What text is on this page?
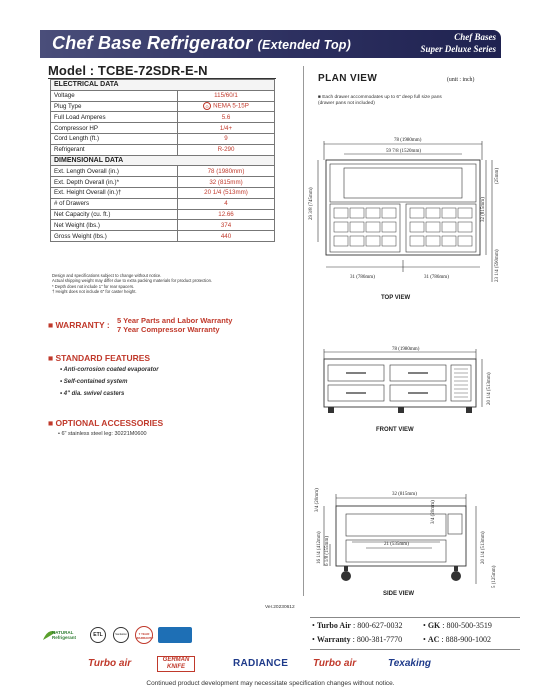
Chef Base Refrigerator (Extended Top)
Chef Bases
Super Deluxe Series
Model : TCBE-72SDR-E-N
ELECTRICAL DATA	
Voltage	115/60/1
Plug Type	⊙ NEMA 5-15P
Full Load Amperes	5.6
Compressor HP	1/4+
Cord Length (ft.)	9
Refrigerant	R-290
DIMENSIONAL DATA	
Ext. Length Overall (in.)	78 (1980mm)
Ext. Depth Overall (in.)*	32 (815mm)
Ext. Height Overall (in.)†	20 1/4 (513mm)
# of Drawers	4
Net Capacity (cu. ft.)	12.66
Net Weight (lbs.)	374
Gross Weight (lbs.)	440
Design and specifications subject to change without notice.
Actual shipping weight may differ due to extra packing materials for product protection.
* Depth does not include 1" for rear spacers.
† Height does not include 6" for caster height.
■ WARRANTY : 5 Year Parts and Labor Warranty
7 Year Compressor Warranty
■ STANDARD FEATURES
• Anti-corrosion coated evaporator
• Self-contained system
• 4" dia. swivel casters
■ OPTIONAL ACCESSORIES
• 6" stainless steel leg: 30221M0600
PLAN VIEW	(unit : inch)
■ Each drawer accommodates up to 6" deep full size pans
(drawer pans not included)
78 (1980mm)
59 7/8 (1520mm)
29 3/8 (745mm)	32 (815mm)
(25mm)
23 1/4 (590mm)
31 (786mm)	31 (786mm)
TOP VIEW
78 (1980mm)
20 1/4 (513mm)
FRONT VIEW
32 (815mm)
3/4 (20mm)
16 1/4 (412mm) 6 1/8 (155mm)	21 (535mm)	20 1/4 (513mm)
5 (125mm)
3/4 (20mm)
SIDE VIEW
Ver.20230612
NATURAL
Refrigerant	ETL	Sanitation	7 YEAR
WARRANTY
• Turbo Air : 800-627-0032	• GK : 800-500-3519
• Warranty : 800-381-7770	• AC : 888-900-1002
Turbo air	GERMAN KNIFE	RADIANCE Turbo air	Texaking
Continued product development may necessitate specification changes without notice.
